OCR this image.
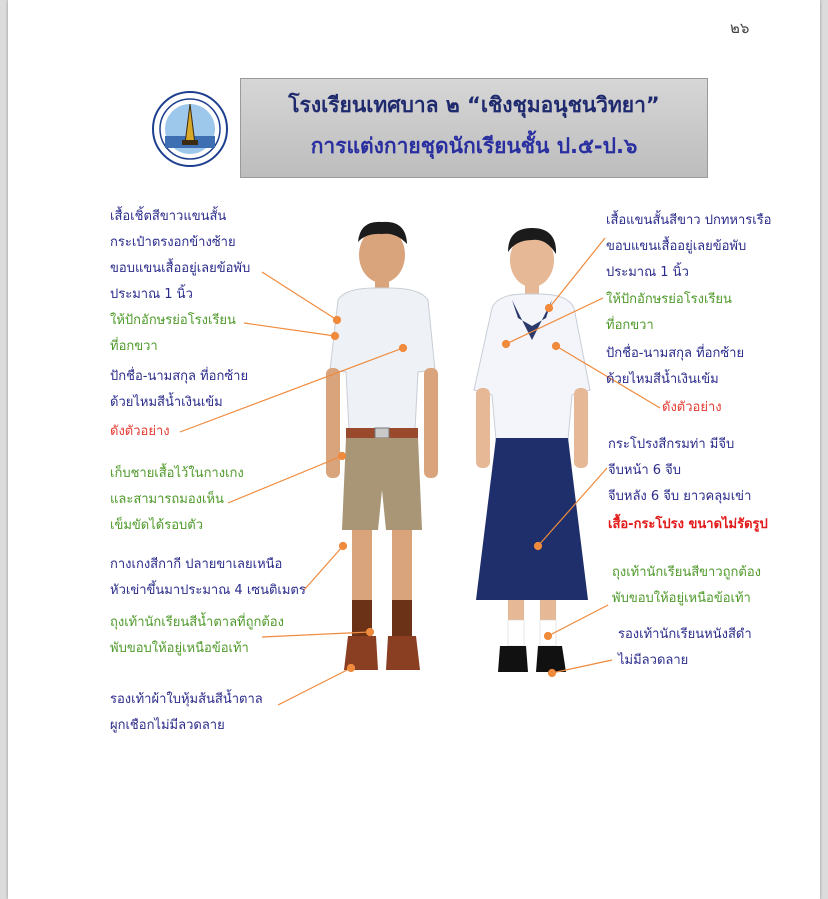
๒๖
โรงเรียนเทศบาล ๒ “เชิงชุมอนุชนวิทยา”
การแต่งกายชุดนักเรียนชั้น ป.๕-ป.๖
เสื้อเชิ้ตสีขาวแขนสั้น
กระเป๋าตรงอกข้างซ้าย
ขอบแขนเสื้ออยู่เลยข้อพับ
ประมาณ 1 นิ้ว
ให้ปักอักษรย่อโรงเรียน
ที่อกขวา
ปักชื่อ-นามสกุล ที่อกซ้าย
ด้วยไหมสีน้ำเงินเข้ม
ดังตัวอย่าง
เก็บชายเสื้อไว้ในกางเกง
และสามารถมองเห็น
เข็มขัดได้รอบตัว
กางเกงสีกากี ปลายขาเลยเหนือ
หัวเข่าขึ้นมาประมาณ 4 เซนติเมตร
ถุงเท้านักเรียนสีน้ำตาลที่ถูกต้อง
พับขอบให้อยู่เหนือข้อเท้า
รองเท้าผ้าใบหุ้มส้นสีน้ำตาล
ผูกเชือกไม่มีลวดลาย
เสื้อแขนสั้นสีขาว ปกทหารเรือ
ขอบแขนเสื้ออยู่เลยข้อพับ
ประมาณ 1 นิ้ว
ให้ปักอักษรย่อโรงเรียน
ที่อกขวา
ปักชื่อ-นามสกุล ที่อกซ้าย
ด้วยไหมสีน้ำเงินเข้ม
ดังตัวอย่าง
กระโปรงสีกรมท่า มีจีบ
จีบหน้า 6 จีบ
จีบหลัง 6 จีบ ยาวคลุมเข่า
เสื้อ-กระโปรง ขนาดไม่รัดรูป
ถุงเท้านักเรียนสีขาวถูกต้อง
พับขอบให้อยู่เหนือข้อเท้า
รองเท้านักเรียนหนังสีดำ
ไม่มีลวดลาย
